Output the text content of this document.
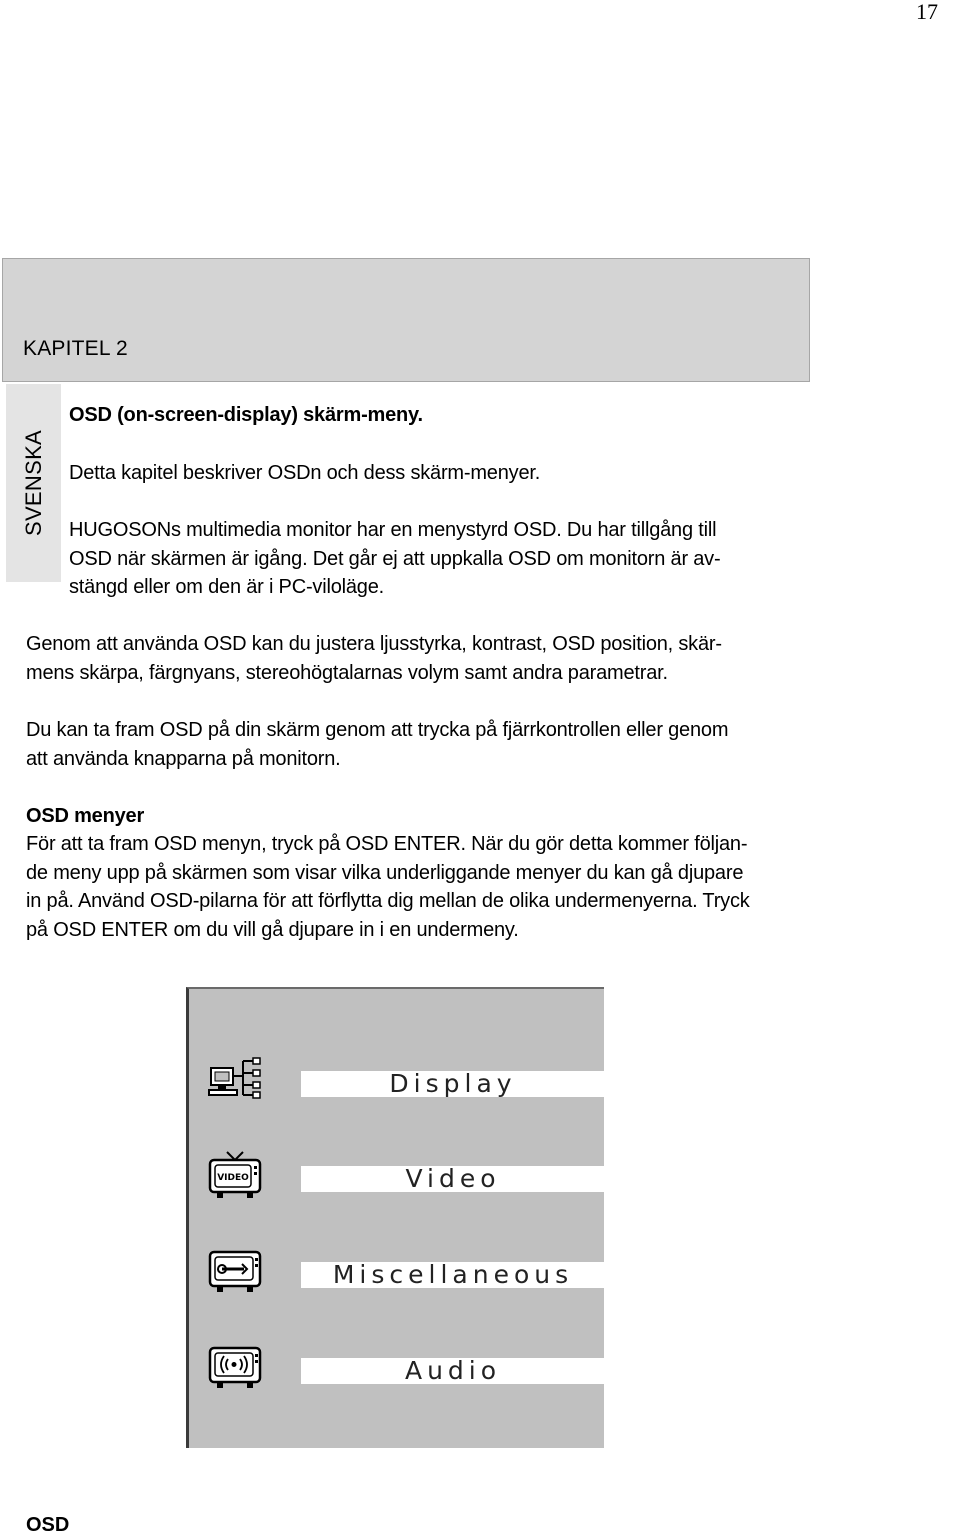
17
KAPITEL 2
SVENSKA
OSD (on-screen-display) skärm-meny.

Detta kapitel beskriver OSDn och dess skärm-menyer.

HUGOSONs multimedia monitor har en menystyrd OSD. Du har tillgång till
OSD när skärmen är igång. Det går ej att uppkalla OSD om monitorn är av-
stängd eller om den är i PC-viloläge.
Genom att använda OSD kan du justera ljusstyrka, kontrast, OSD position, skär-
mens skärpa, färgnyans, stereohögtalarnas volym samt andra parametrar.
Du kan ta fram OSD på din skärm genom att trycka på fjärrkontrollen eller genom
att använda knapparna på monitorn.
OSD menyer
För att ta fram OSD menyn, tryck på OSD ENTER. När du gör detta kommer följan-
de meny upp på skärmen som visar vilka underliggande menyer du kan gå djupare
in på. Använd OSD-pilarna för att förflytta dig mellan de olika undermenyerna. Tryck
på OSD ENTER om du vill gå djupare in i en undermeny.
Display
VIDEO	Video
Miscellaneous
Audio
OSD
